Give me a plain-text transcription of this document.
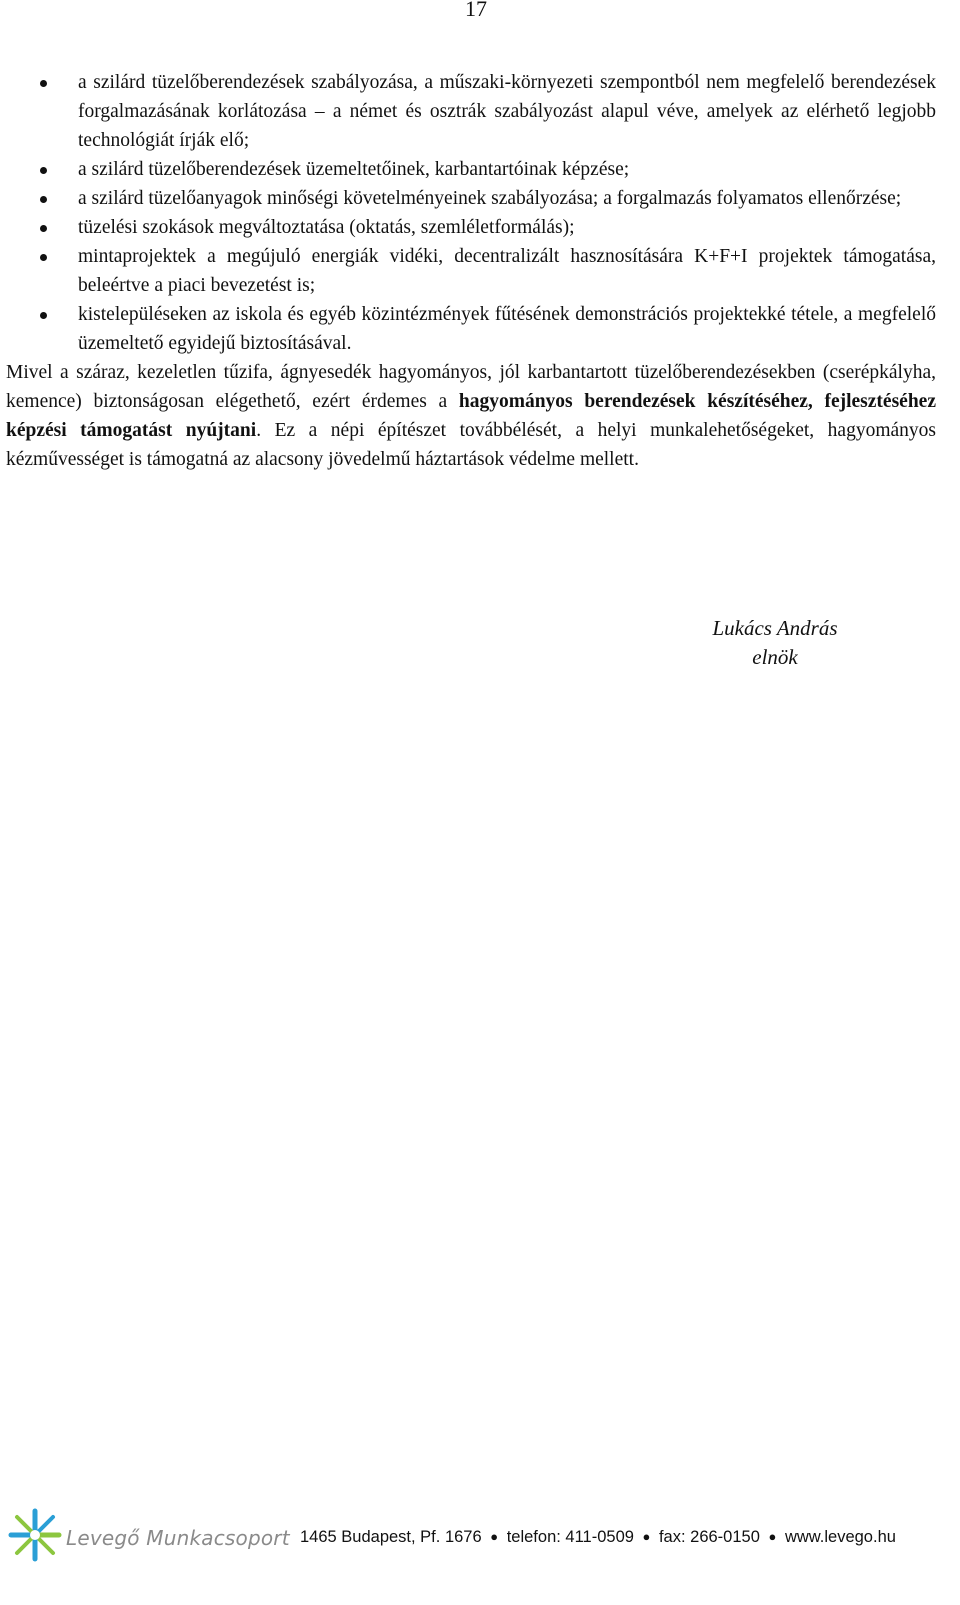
17
a szilárd tüzelőberendezések szabályozása, a műszaki-környezeti szempontból nem megfelelő berendezések forgalmazásának korlátozása – a német és osztrák szabályozást alapul véve, amelyek az elérhető legjobb technológiát írják elő;
a szilárd tüzelőberendezések üzemeltetőinek, karbantartóinak képzése;
a szilárd tüzelőanyagok minőségi követelményeinek szabályozása; a forgalmazás folyamatos ellenőrzése;
tüzelési szokások megváltoztatása (oktatás, szemléletformálás);
mintaprojektek a megújuló energiák vidéki, decentralizált hasznosítására K+F+I projektek támogatása, beleértve a piaci bevezetést is;
kistelepüléseken az iskola és egyéb közintézmények fűtésének demonstrációs projektekké tétele, a megfelelő üzemeltető egyidejű biztosításával.

Mivel a száraz, kezeletlen tűzifa, ágnyesedék hagyományos, jól karbantartott tüzelőberendezésekben (cserépkályha, kemence) biztonságosan elégethető, ezért érdemes a hagyományos berendezések készítéséhez, fejlesztéséhez képzési támogatást nyújtani. Ez a népi építészet továbbélését, a helyi munkalehetőségeket, hagyományos kézművességet is támogatná az alacsony jövedelmű háztartások védelme mellett.

Lukács András
elnök
Levegő Munkacsoport 1465 Budapest, Pf. 1676 ● telefon: 411-0509 ● fax: 266-0150 ● www.levego.hu
